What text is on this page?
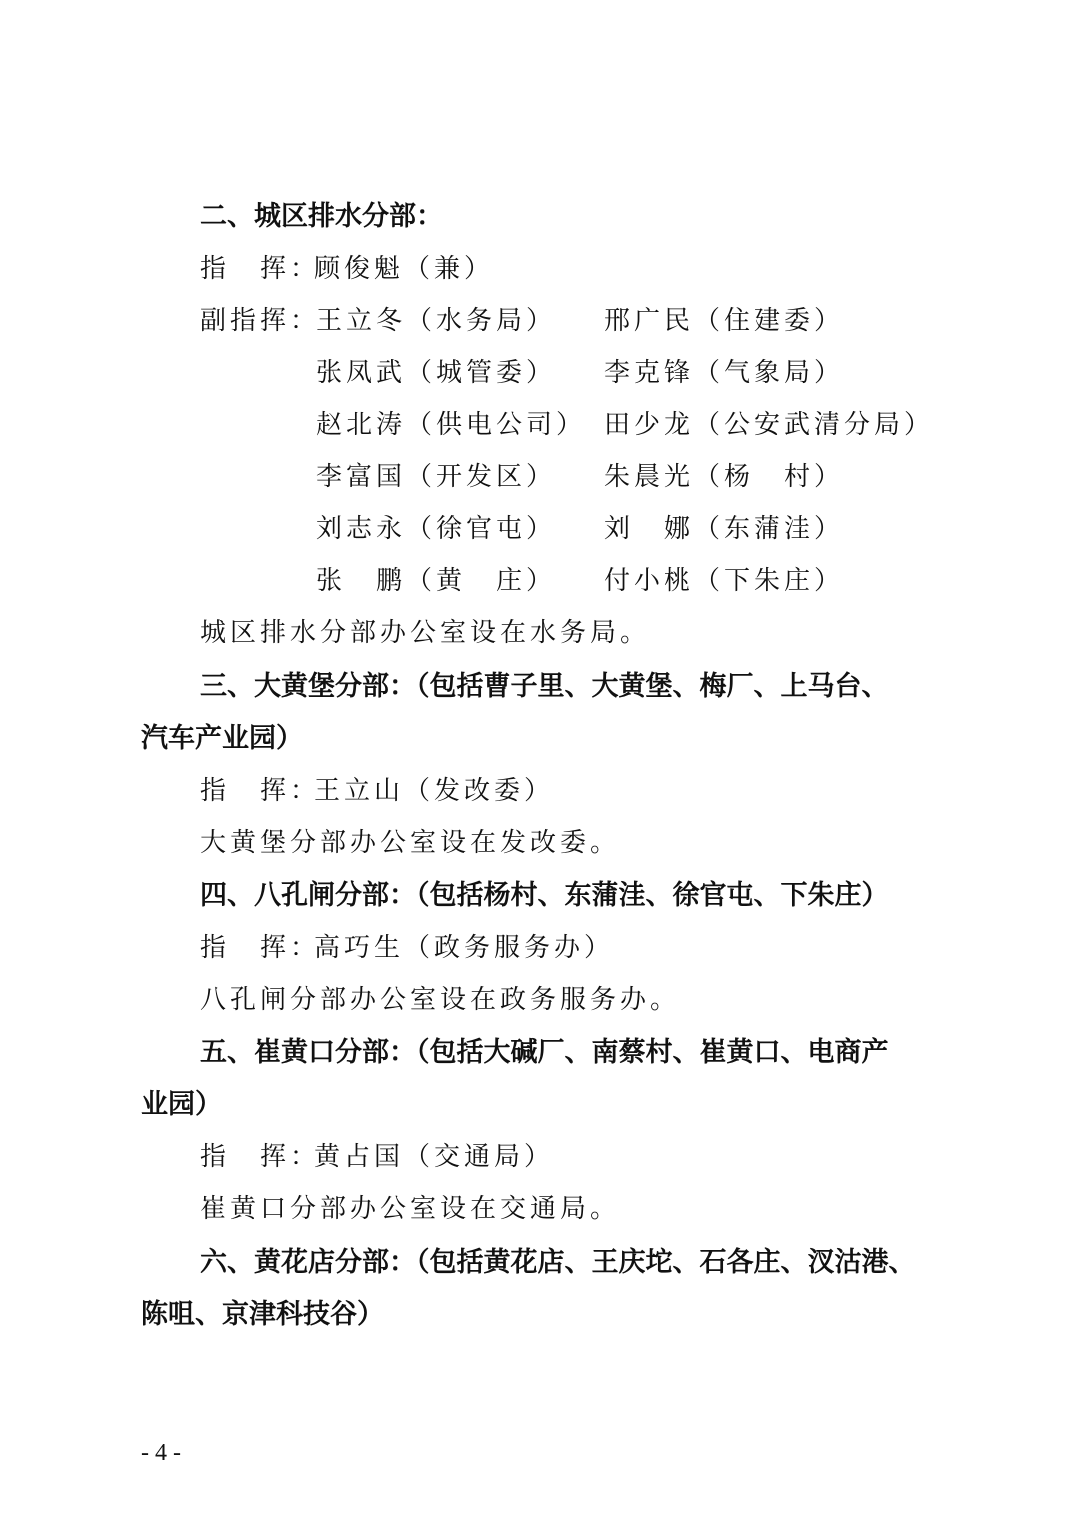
二、城区排水分部：
指　挥：顾俊魁（兼）
副指挥：
王立冬（水务局） 邢广民（住建委）
张凤武（城管委） 李克锋（气象局）
赵北涛（供电公司） 田少龙（公安武清分局）
李富国（开发区） 朱晨光（杨　村）
刘志永（徐官屯） 刘　娜（东蒲洼）
张　鹏（黄　庄） 付小桃（下朱庄）
城区排水分部办公室设在水务局。
三、大黄堡分部：（包括曹子里、大黄堡、梅厂、上马台、
汽车产业园）
指　挥：王立山（发改委）
大黄堡分部办公室设在发改委。
四、八孔闸分部：（包括杨村、东蒲洼、徐官屯、下朱庄）
指　挥：高巧生（政务服务办）
八孔闸分部办公室设在政务服务办。
五、崔黄口分部：（包括大碱厂、南蔡村、崔黄口、电商产
业园）
指　挥：黄占国（交通局）
崔黄口分部办公室设在交通局。
六、黄花店分部：（包括黄花店、王庆坨、石各庄、汊沽港、
陈咀、京津科技谷）
- 4 -
